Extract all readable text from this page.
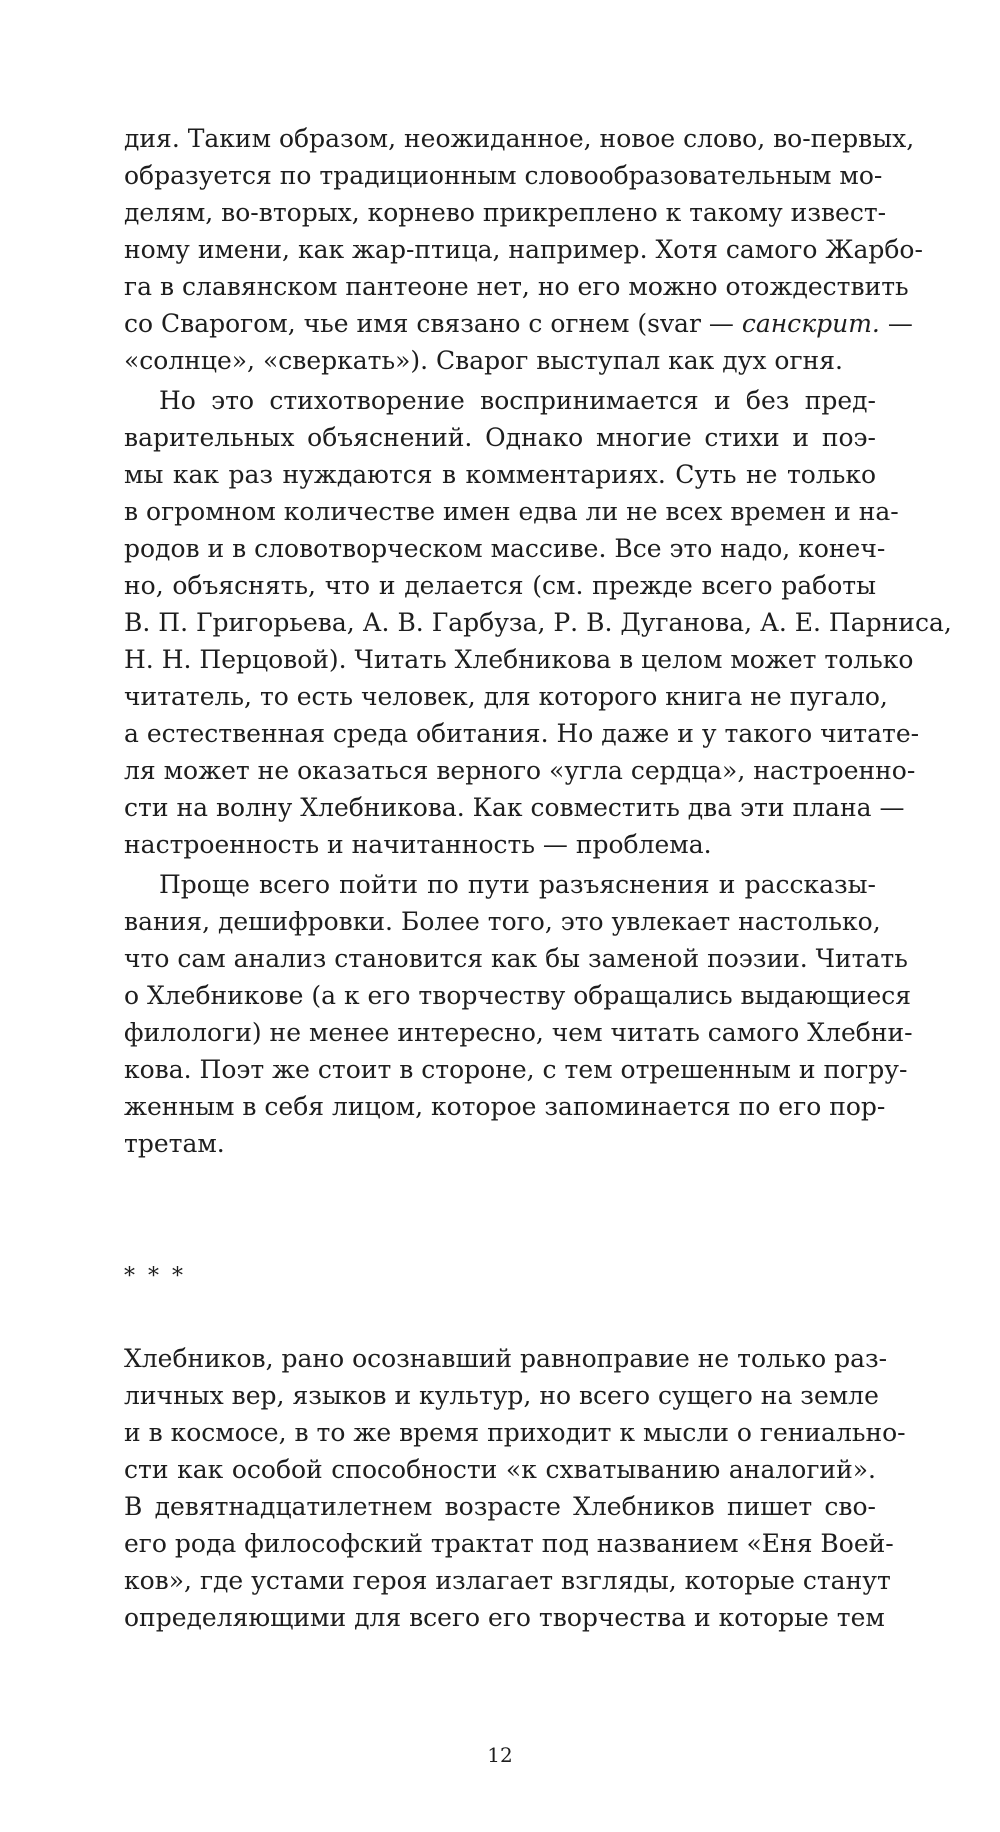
дия. Таким образом, неожиданное, новое слово, во-первых,
образуется по традиционным словообразовательным мо-
делям, во-вторых, корнево прикреплено к такому извест-
ному имени, как жар-птица, например. Хотя самого Жарбо-
га в славянском пантеоне нет, но его можно отождествить
со Сварогом, чье имя связано с огнем (svar — санскрит. —
«солнце», «сверкать»). Сварог выступал как дух огня.
Но это стихотворение воспринимается и без пред-
варительных объяснений. Однако многие стихи и поэ-
мы как раз нуждаются в комментариях. Суть не только
в огромном количестве имен едва ли не всех времен и на-
родов и в словотворческом массиве. Все это надо, конеч-
но, объяснять, что и делается (см. прежде всего работы
В. П. Григорьева, А. В. Гарбуза, Р. В. Дуганова, А. Е. Парниса,
Н. Н. Перцовой). Читать Хлебникова в целом может только
читатель, то есть человек, для которого книга не пугало,
а естественная среда обитания. Но даже и у такого читате-
ля может не оказаться верного «угла сердца», настроенно-
сти на волну Хлебникова. Как совместить два эти плана —
настроенность и начитанность — проблема.
Проще всего пойти по пути разъяснения и рассказы-
вания, дешифровки. Более того, это увлекает настолько,
что сам анализ становится как бы заменой поэзии. Читать
о Хлебникове (а к его творчеству обращались выдающиеся
филологи) не менее интересно, чем читать самого Хлебни-
кова. Поэт же стоит в стороне, с тем отрешенным и погру-
женным в себя лицом, которое запоминается по его пор-
третам.
* * *
Хлебников, рано осознавший равноправие не только раз-
личных вер, языков и культур, но всего сущего на земле
и в космосе, в то же время приходит к мысли о гениально-
сти как особой способности «к схватыванию аналогий».
В девятнадцатилетнем возрасте Хлебников пишет сво-
его рода философский трактат под названием «Еня Воей-
ков», где устами героя излагает взгляды, которые станут
определяющими для всего его творчества и которые тем
12
